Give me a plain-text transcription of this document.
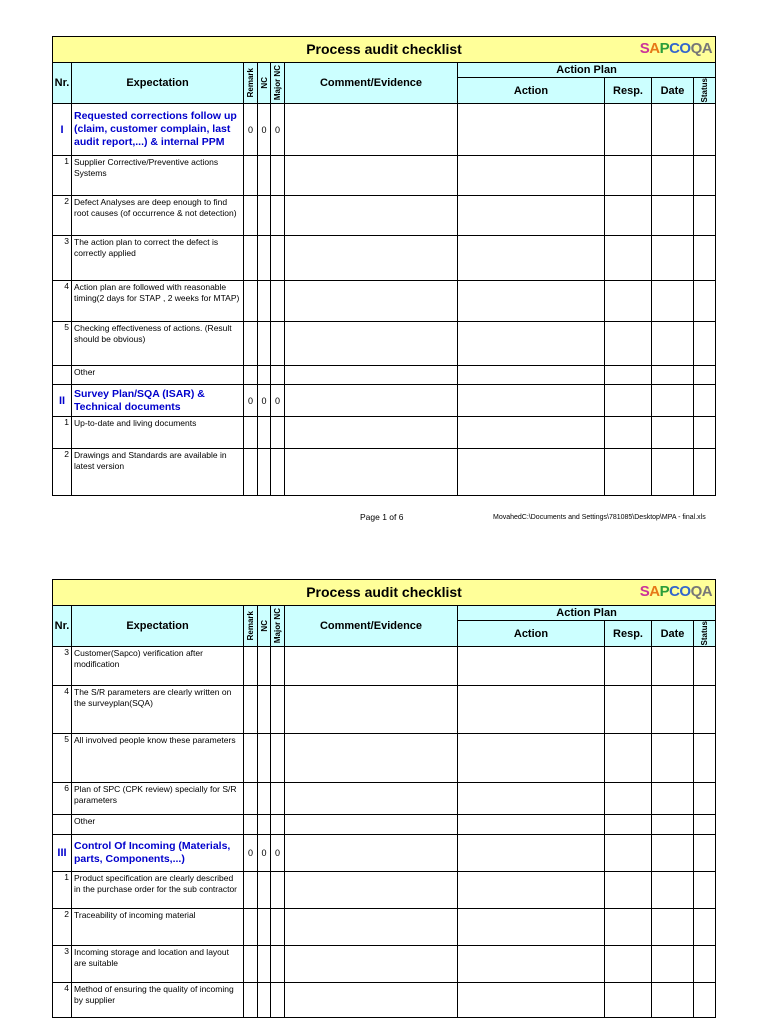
Process audit checklist SAPCOQA									

Nr.	Expectation	Remark	NC	Major NC	Comment/Evidence	Action Plan			
						Action	Resp.	Date	Status

I	Requested corrections follow up (claim, customer complain, last audit report,...) & internal PPM	0	0	0					
1	Supplier Corrective/Preventive actions Systems								
2	Defect Analyses are deep enough to find root causes (of occurrence & not detection)								
3	The action plan to correct the defect is correctly applied								
4	Action plan are followed with reasonable timing(2 days for STAP , 2 weeks for MTAP)								
5	Checking effectiveness of actions. (Result should be obvious)								
	Other								
II	Survey Plan/SQA (ISAR) & Technical documents	0	0	0					
1	Up-to-date and living documents								
2	Drawings and Standards are available in latest version								
Page 1 of 6	MovahedC:\Documents and Settings\781085\Desktop\MPA - final.xls
Process audit checklist SAPCOQA									

Nr.	Expectation	Remark	NC	Major NC	Comment/Evidence	Action Plan			
						Action	Resp.	Date	Status

3	Customer(Sapco) verification after modification								
4	The S/R parameters are clearly written on the surveyplan(SQA)								
5	All involved people know these parameters								
6	Plan of SPC (CPK review) specially for S/R parameters								
	Other								
III	Control Of Incoming (Materials, parts, Components,...)	0	0	0					
1	Product specification are clearly described in the purchase order for the sub contractor								
2	Traceability of incoming material								
3	Incoming storage and location and layout are suitable								
4	Method of ensuring the quality of incoming by supplier								
